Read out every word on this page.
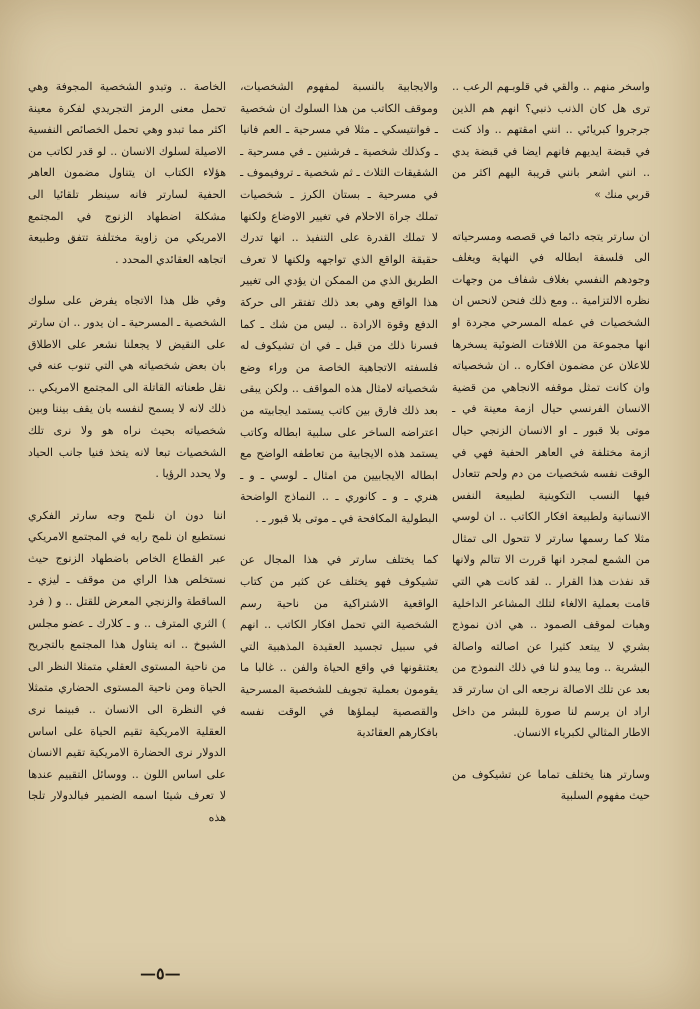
واسخر منهم .. والقي في قلوبـهم الرعب .. ترى هل كان الذنب ذنبي؟ انهم هم الذين جرجروا كبريائي .. انني امقتهم .. واذ كنت في قبضة ايديهم فانهم ايضا في قبضة يدي .. انني اشعر بانني قريبة اليهم اكثر من قربي منك »

ان سارتر يتجه دائما في قصصه ومسرحياته الى فلسفة ابطاله في النهاية ويغلف وجودهم النفسي بغلاف شفاف من وجهات نظره الالتزامية .. ومع ذلك فنحن لانحس ان الشخصيات في عمله المسرحي مجردة او انها مجموعة من اللافتات الضوئية يسخرها للاعلان عن مضمون افكاره .. ان شخصياته وان كانت تمثل موقفه الانجاهي من قضية الانسان الفرنسي حيال ازمة معينة في ـ موتى بلا قبور ـ او الانسان الزنجي حيال ازمة مختلفة في العاهر الحفية فهي في الوقت نفسه شخصيات من دم ولحم تتعادل فيها النسب التكوينية لطبيعة النفس الانسانية ولطبيعة افكار الكاتب .. ان لوسي مثلا كما رسمها سارتر لا تتحول الى تمثال من الشمع لمجرد انها قررت الا تتالم ولانها قد نفذت هذا القرار .. لقد كانت هي التي قامت بعملية الالغاء لتلك المشاعر الداخلية وهبات لموقف الصمود .. هي اذن نموذج بشري لا يبتعد كثيرا عن اصالته واصالة البشرية .. وما يبدو لنا في ذلك النموذج من بعد عن تلك الاصالة نرجعه الى ان سارتر قد اراد ان يرسم لنا صورة للبشر من داخل الاطار المثالي لكبرياء الانسان.

وسارتر هنا يختلف تماما عن تشيكوف من حيث مفهوم السلبية

والايجابية بالنسبة لمفهوم الشخصيات، وموقف الكاتب من هذا السلوك ان شخصية ـ فوانتيسكي ـ مثلا في مسرحية ـ العم فانيا ـ وكذلك شخصية ـ فرشنين ـ في مسرحية ـ الشقيقات الثلاث ـ ثم شخصية ـ تروفيموف ـ في مسرحية ـ بستان الكرز ـ شخصيات تملك جراة الاحلام في تغيير الاوضاع ولكنها لا تملك القدرة على التنفيذ .. انها تدرك حقيقة الواقع الذي تواجهه ولكنها لا تعرف الطريق الذي من الممكن ان يؤدي الى تغيير هذا الواقع وهي بعد ذلك تفتقر الى حركة الدفع وقوة الارادة .. ليس من شك ـ كما فسرنا ذلك من قبل ـ في ان تشيكوف له فلسفته الاتجاهية الخاصة من وراء وضع شخصياته لامثال هذه المواقف .. ولكن يبقى بعد ذلك فارق بين كاتب يستمد ايجابيته من اعتراضه الساخر على سلبية ابطاله وكاتب يستمد هذه الايجابية من تعاطفه الواضح مع ابطاله الايجابيين من امثال ـ لوسي ـ و ـ هنري ـ و ـ كانوري ـ .. النماذج الواضحة البطولية المكافحة في ـ موتى بلا قبور ـ .

كما يختلف سارتر في هذا المجال عن تشيكوف فهو يختلف عن كثير من كتاب الواقعية الاشتراكية من ناحية رسم الشخصية التي تحمل افكار الكاتب .. انهم في سبيل تجسيد العقيدة المذهبية التي يعتنقونها في واقع الحياة والفن .. غالبا ما يقومون بعملية تجويف للشخصية المسرحية والقصصية ليملؤها في الوقت نفسه بافكارهم العقائدية

الخاصة .. وتبدو الشخصية المجوفة وهي تحمل معنى الرمز التجريدي لفكرة معينة اكثر مما تبدو وهي تحمل الخصائص النفسية الاصيلة لسلوك الانسان .. لو قدر لكاتب من هؤلاء الكتاب ان يتناول مضمون العاهر الحفية لسارتر فانه سينظر تلقائيا الى مشكلة اضطهاد الزنوج في المجتمع الامريكي من زاوية مختلفة تتفق وطبيعة اتجاهه العقائدي المحدد .

وفي ظل هذا الاتجاه يفرض على سلوك الشخصية ـ المسرحية ـ ان يدور .. ان سارتر على النقيض لا يجعلنا نشعر على الاطلاق بان بعض شخصياته هي التي تنوب عنه في نقل طعناته القاتلة الى المجتمع الامريكي .. ذلك لانه لا يسمح لنفسه بان يقف بيننا وبين شخصياته بحيث نراه هو ولا نرى تلك الشخصيات تبعا لانه يتخذ فنيا جانب الحياد ولا يحدد الرؤيا .

اننا دون ان نلمح وجه سارتر الفكري نستطيع ان نلمح رايه في المجتمع الامريكي عبر القطاع الخاص باضطهاد الزنوج حيث نستخلص هذا الراي من موقف ـ ليزي ـ الساقطة والزنجي المعرض للقتل .. و ( فرد ) الثري المترف .. و ـ كلارك ـ عضو مجلس الشيوخ .. انه يتناول هذا المجتمع بالتجريح من ناحية المستوى العقلي متمثلا النظر الى الحياة ومن ناحية المستوى الحضاري متمثلا في النظرة الى الانسان .. فبينما نرى العقلية الامريكية تقيم الحياة على اساس الدولار نرى الحضارة الامريكية تقيم الانسان على اساس اللون .. ووسائل التقييم عندها لا تعرف شيئا اسمه الضمير فبالدولار تلجا هذه

—٥—
